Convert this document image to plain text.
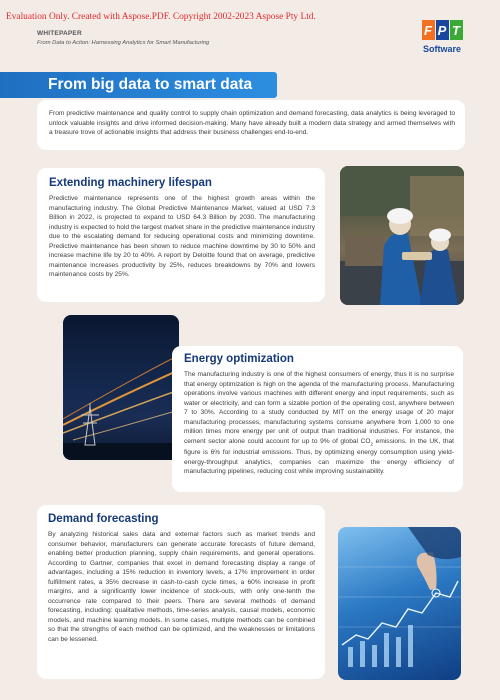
Evaluation Only. Created with Aspose.PDF. Copyright 2002-2023 Aspose Pty Ltd.
WHITEPAPER
From Data to Action: Harnessing Analytics for Smart Manufacturing
F P T
Software
From big data to smart data

From predictive maintenance and quality control to supply chain optimization and demand forecasting, data analytics is being leveraged to unlock valuable insights and drive informed decision-making. Many have already built a modern data strategy and armed themselves with a treasure trove of actionable insights that address their business challenges end-to-end.

Extending machinery lifespan

Predictive maintenance represents one of the highest growth areas within the manufacturing industry. The Global Predictive Maintenance Market, valued at USD 7.3 Billion in 2022, is projected to expand to USD 64.3 Billion by 2030. The manufacturing industry is expected to hold the largest market share in the predictive maintenance industry due to the escalating demand for reducing operational costs and minimizing downtime. Predictive maintenance has been shown to reduce machine downtime by 30 to 50% and increase machine life by 20 to 40%. A report by Deloitte found that on average, predictive maintenance increases productivity by 25%, reduces breakdowns by 70% and lowers maintenance costs by 25%.

Energy optimization

The manufacturing industry is one of the highest consumers of energy, thus it is no surprise that energy optimization is high on the agenda of the manufacturing process. Manufacturing operations involve various machines with different energy and input requirements, such as water or electricity, and can form a sizable portion of the operating cost, anywhere between 7 to 30%. According to a study conducted by MIT on the energy usage of 20 major manufacturing processes, manufacturing systems consume anywhere from 1,000 to one million times more energy per unit of output than traditional industries. For instance, the cement sector alone could account for up to 9% of global $CO_2$ emissions. In the UK, that figure is 6% for industrial emissions. Thus, by optimizing energy consumption using yield-energy-throughput analytics, companies can maximize the energy efficiency of manufacturing pipelines, reducing cost while improving sustainability.

Demand forecasting

By analyzing historical sales data and external factors such as market trends and consumer behavior, manufacturers can generate accurate forecasts of future demand, enabling better production planning, supply chain requirements, and general operations. According to Gartner, companies that excel in demand forecasting display a range of advantages, including a 15% reduction in inventory levels, a 17% improvement in order fulfillment rates, a 35% decrease in cash-to-cash cycle times, a 60% increase in profit margins, and a significantly lower incidence of stock-outs, with only one-tenth the occurrence rate compared to their peers. There are several methods of demand forecasting, including: qualitative methods, time-series analysis, causal models, economic models, and machine learning models. In some cases, multiple methods can be combined so that the strengths of each method can be optimized, and the weaknesses or limitations can be lessened.
